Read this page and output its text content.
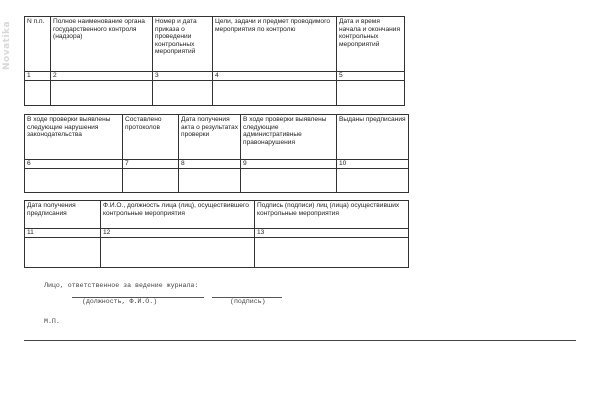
Novatika	N п.п.	Полное наименование органа государственного контроля (надзора)	Номер и дата приказа о проведении контрольных мероприятий	Цели, задачи и предмет проводимого мероприятия по контролю	Дата и время начала и окончания контрольных мероприятий
1	2	3	4	5

В ходе проверки выявлены следующие нарушения законодательства	Составлено протоколов	Дата получения акта о результатах проверки	В ходе проверки выявлены следующие административные правонарушения	Выданы предписания
6	7	8	9	10

Дата получения предписания	Ф.И.О., должность лица (лиц), осуществившего контрольные мероприятия	Подпись (подписи) лиц (лица) осуществивших контрольные мероприятия
11	12	13

Лицо, ответственное за ведение журнала:
(должность, Ф.И.О.)	(подпись)
М.П.
